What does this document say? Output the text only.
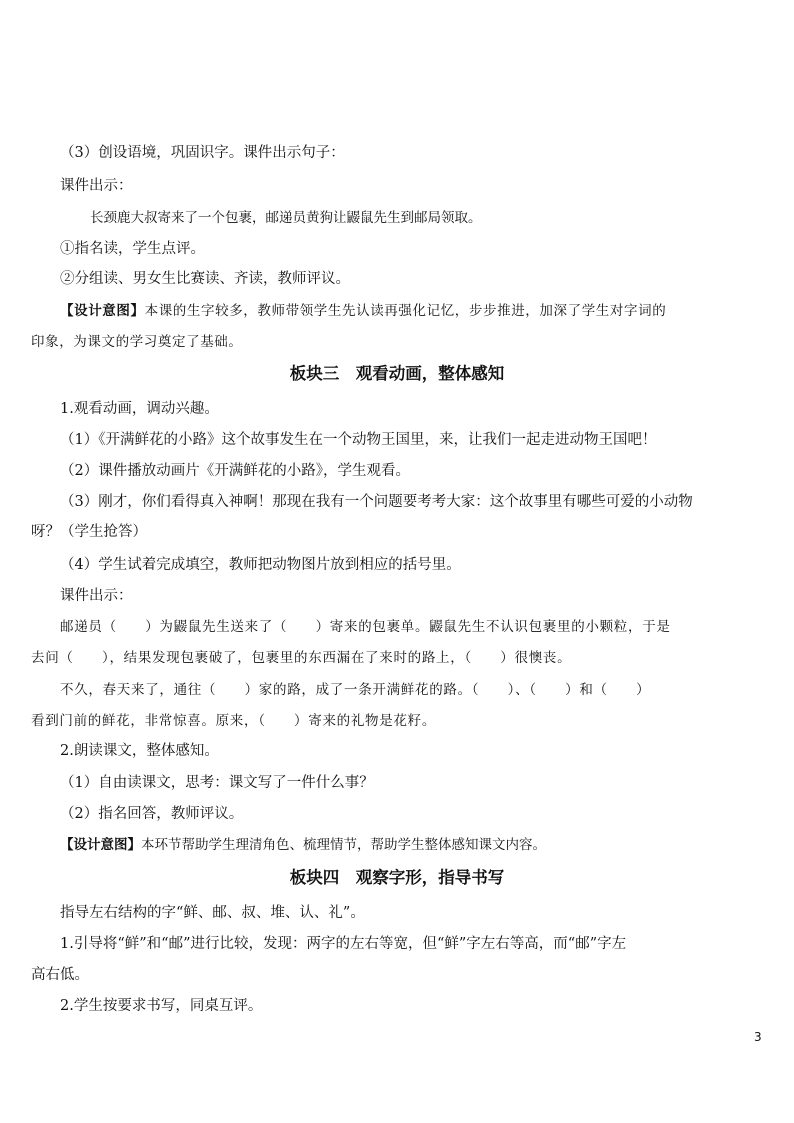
（3）创设语境，巩固识字。课件出示句子：
课件出示：
长颈鹿大叔寄来了一个包裹，邮递员黄狗让鼹鼠先生到邮局领取。
①指名读，学生点评。
②分组读、男女生比赛读、齐读，教师评议。
【设计意图】本课的生字较多，教师带领学生先认读再强化记忆，步步推进，加深了学生对字词的
印象，为课文的学习奠定了基础。
板块三　观看动画，整体感知
1.观看动画，调动兴趣。
（1）《开满鲜花的小路》这个故事发生在一个动物王国里，来，让我们一起走进动物王国吧！
（2）课件播放动画片《开满鲜花的小路》，学生观看。
（3）刚才，你们看得真入神啊！那现在我有一个问题要考考大家：这个故事里有哪些可爱的小动物
呀？（学生抢答）
（4）学生试着完成填空，教师把动物图片放到相应的括号里。
课件出示：
邮递员（　　）为鼹鼠先生送来了（　　）寄来的包裹单。鼹鼠先生不认识包裹里的小颗粒，于是
去问（　　），结果发现包裹破了，包裹里的东西漏在了来时的路上，（　　）很懊丧。
不久，春天来了，通往（　　）家的路，成了一条开满鲜花的路。（　　）、（　　）和（　　）
看到门前的鲜花，非常惊喜。原来，（　　）寄来的礼物是花籽。
2.朗读课文，整体感知。
（1）自由读课文，思考：课文写了一件什么事？
（2）指名回答，教师评议。
【设计意图】本环节帮助学生理清角色、梳理情节，帮助学生整体感知课文内容。
板块四　观察字形，指导书写
指导左右结构的字“鲜、邮、叔、堆、认、礼”。
1.引导将“鲜”和“邮”进行比较，发现：两字的左右等宽，但“鲜”字左右等高，而“邮”字左
高右低。
2.学生按要求书写，同桌互评。
3
